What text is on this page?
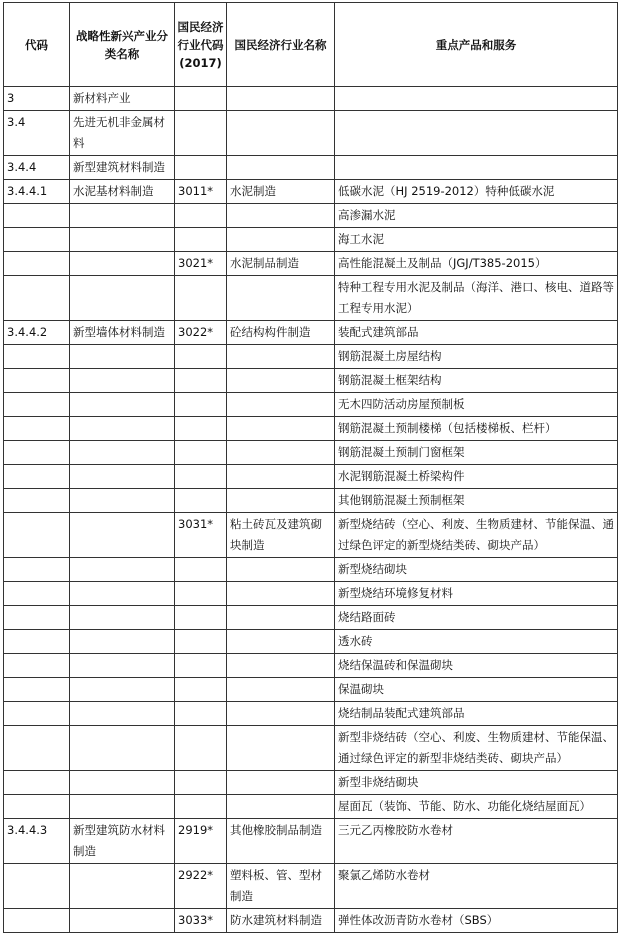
代码	战略性新兴产业分类名称	国民经济行业代码(2017)	国民经济行业名称	重点产品和服务
3	新材料产业			
3.4	先进无机非金属材料			
3.4.4	新型建筑材料制造			
3.4.4.1	水泥基材料制造	3011*	水泥制造	低碳水泥（HJ 2519-2012）特种低碳水泥
				高渗漏水泥
				海工水泥
		3021*	水泥制品制造	高性能混凝土及制品（JGJ/T385-2015）
				特种工程专用水泥及制品（海洋、港口、核电、道路等工程专用水泥）
3.4.4.2	新型墙体材料制造	3022*	砼结构构件制造	装配式建筑部品
				钢筋混凝土房屋结构
				钢筋混凝土框架结构
				无木四防活动房屋预制板
				钢筋混凝土预制楼梯（包括楼梯板、栏杆）
				钢筋混凝土预制门窗框架
				水泥钢筋混凝土桥梁构件
				其他钢筋混凝土预制框架
		3031*	粘土砖瓦及建筑砌块制造	新型烧结砖（空心、利废、生物质建材、节能保温、通过绿色评定的新型烧结类砖、砌块产品）
				新型烧结砌块
				新型烧结环境修复材料
				烧结路面砖
				透水砖
				烧结保温砖和保温砌块
				保温砌块
				烧结制品装配式建筑部品
				新型非烧结砖（空心、利废、生物质建材、节能保温、通过绿色评定的新型非烧结类砖、砌块产品）
				新型非烧结砌块
				屋面瓦（装饰、节能、防水、功能化烧结屋面瓦）
3.4.4.3	新型建筑防水材料制造	2919*	其他橡胶制品制造	三元乙丙橡胶防水卷材
		2922*	塑料板、管、型材制造	聚氯乙烯防水卷材
		3033*	防水建筑材料制造	弹性体改沥青防水卷材（SBS）
